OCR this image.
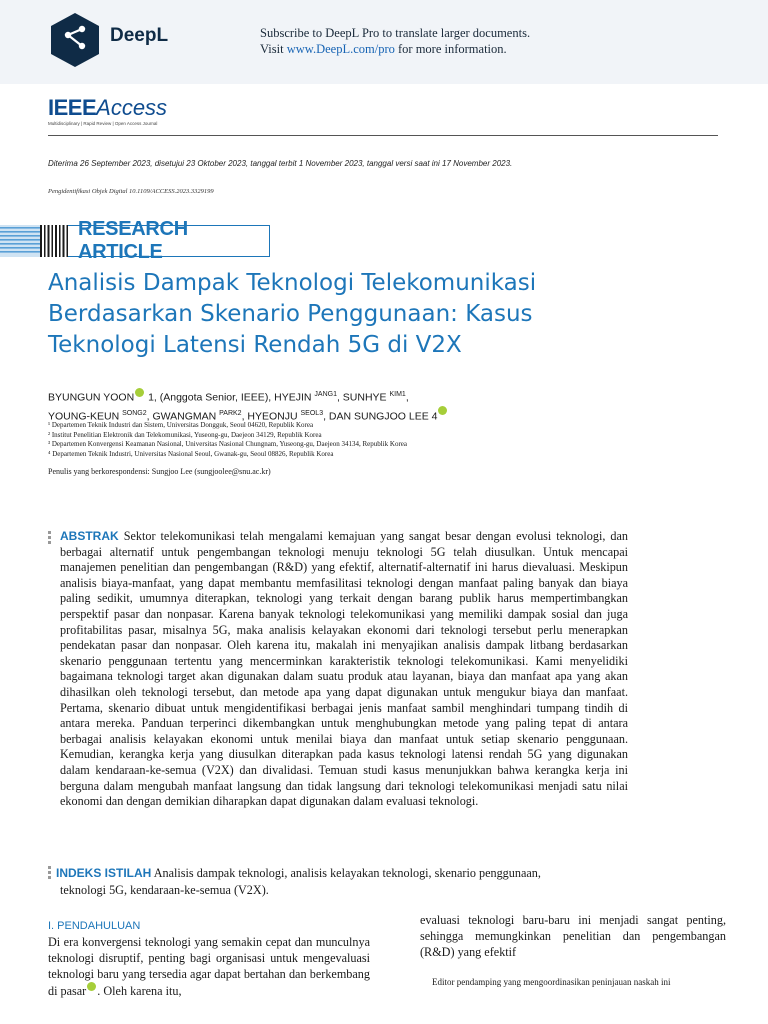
DeepL	Subscribe to DeepL Pro to translate larger documents.
Visit www.DeepL.com/pro for more information.
IEEEAccess
Multidisciplinary | Rapid Review | Open Access Journal
Diterima 26 September 2023, disetujui 23 Oktober 2023, tanggal terbit 1 November 2023, tanggal versi saat ini 17 November 2023.
Pengidentifikasi Objek Digital 10.1109/ACCESS.2023.3329199
RESEARCH ARTICLE
Analisis Dampak Teknologi Telekomunikasi
Berdasarkan Skenario Penggunaan: Kasus
Teknologi Latensi Rendah 5G di V2X
BYUNGUN YOON 1, (Anggota Senior, IEEE), HYEJIN $^{JANG1}$, SUNHYE $^{KIM1}$,
YOUNG-KEUN $^{SONG2}$, GWANGMAN $^{PARK2}$, HYEONJU $^{SEOL3}$, DAN SUNGJOO LEE 4
¹ Departemen Teknik Industri dan Sistem, Universitas Dongguk, Seoul 04620, Republik Korea
² Institut Penelitian Elektronik dan Telekomunikasi, Yuseong-gu, Daejeon 34129, Republik Korea
³ Departemen Konvergensi Keamanan Nasional, Universitas Nasional Chungnam, Yuseong-gu, Daejeon 34134, Republik Korea
⁴ Departemen Teknik Industri, Universitas Nasional Seoul, Gwanak-gu, Seoul 08826, Republik Korea
Penulis yang berkorespondensi: Sungjoo Lee (sungjoolee@snu.ac.kr)
ABSTRAK Sektor telekomunikasi telah mengalami kemajuan yang sangat besar dengan evolusi teknologi, dan berbagai alternatif untuk pengembangan teknologi menuju teknologi 5G telah diusulkan. Untuk mencapai manajemen penelitian dan pengembangan (R&D) yang efektif, alternatif-alternatif ini harus dievaluasi. Meskipun analisis biaya-manfaat, yang dapat membantu memfasilitasi teknologi dengan manfaat paling banyak dan biaya paling sedikit, umumnya diterapkan, teknologi yang terkait dengan barang publik harus mempertimbangkan perspektif pasar dan nonpasar. Karena banyak teknologi telekomunikasi yang memiliki dampak sosial dan juga profitabilitas pasar, misalnya 5G, maka analisis kelayakan ekonomi dari teknologi tersebut perlu menerapkan pendekatan pasar dan nonpasar. Oleh karena itu, makalah ini menyajikan analisis dampak litbang berdasarkan skenario penggunaan tertentu yang mencerminkan karakteristik teknologi telekomunikasi. Kami menyelidiki bagaimana teknologi target akan digunakan dalam suatu produk atau layanan, biaya dan manfaat apa yang akan dihasilkan oleh teknologi tersebut, dan metode apa yang dapat digunakan untuk mengukur biaya dan manfaat. Pertama, skenario dibuat untuk mengidentifikasi berbagai jenis manfaat sambil menghindari tumpang tindih di antara mereka. Panduan terperinci dikembangkan untuk menghubungkan metode yang paling tepat di antara berbagai analisis kelayakan ekonomi untuk menilai biaya dan manfaat untuk setiap skenario penggunaan. Kemudian, kerangka kerja yang diusulkan diterapkan pada kasus teknologi latensi rendah 5G yang digunakan dalam kendaraan-ke-semua (V2X) dan divalidasi. Temuan studi kasus menunjukkan bahwa kerangka kerja ini berguna dalam mengubah manfaat langsung dan tidak langsung dari teknologi telekomunikasi menjadi satu nilai ekonomi dan dengan demikian diharapkan dapat digunakan dalam evaluasi teknologi.
INDEKS ISTILAH Analisis dampak teknologi, analisis kelayakan teknologi, skenario penggunaan,
teknologi 5G, kendaraan-ke-semua (V2X).
I. PENDAHULUAN
Di era konvergensi teknologi yang semakin cepat dan munculnya teknologi disruptif, penting bagi organisasi untuk mengevaluasi teknologi baru yang tersedia agar dapat bertahan dan berkembang di pasar . Oleh karena itu,
evaluasi teknologi baru-baru ini menjadi sangat penting, sehingga memungkinkan penelitian dan pengembangan (R&D) yang efektif
Editor pendamping yang mengoordinasikan peninjauan naskah ini
